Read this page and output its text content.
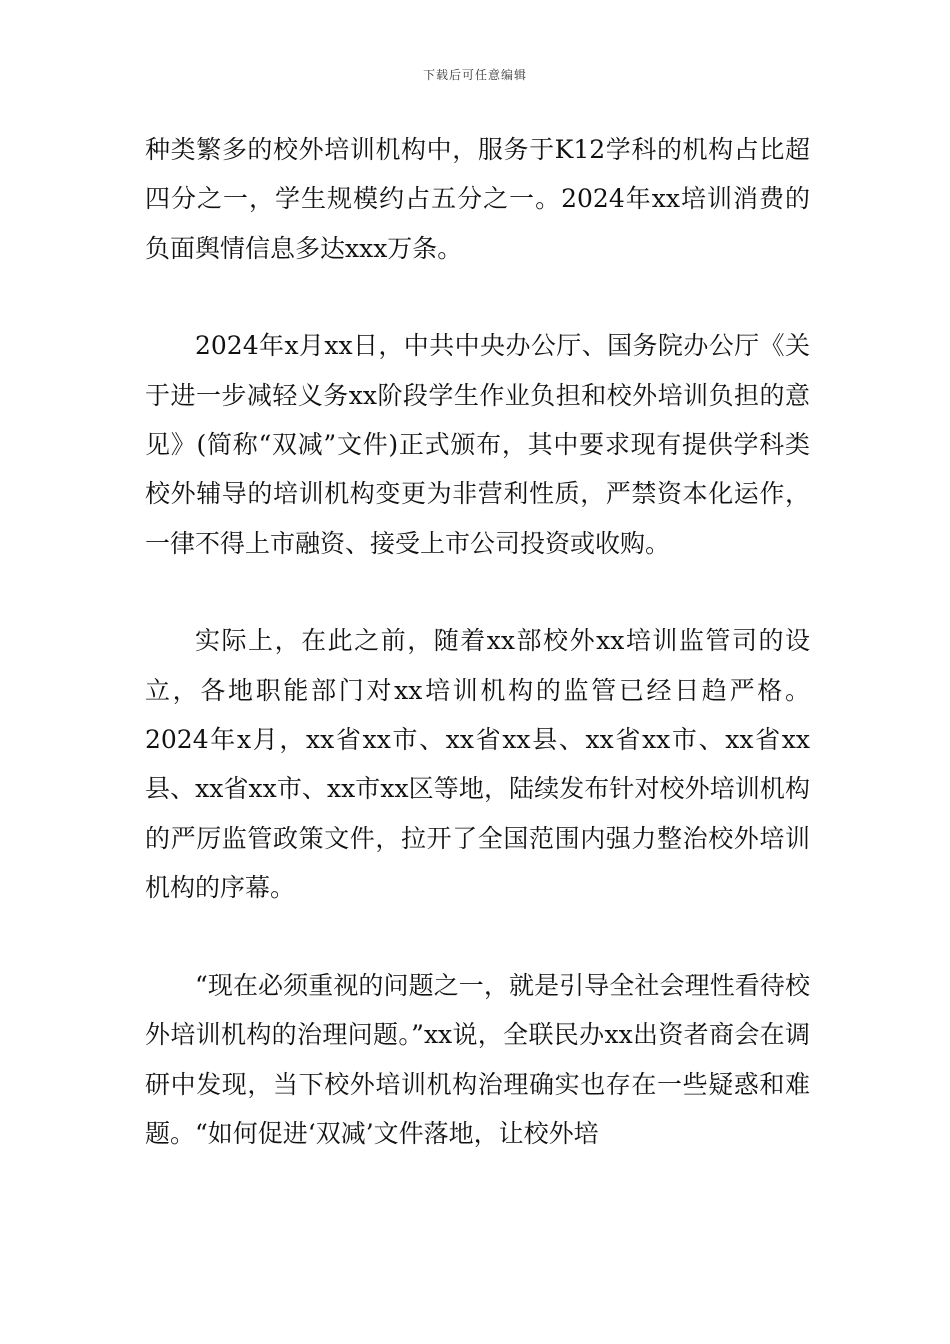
下载后可任意编辑

种类繁多的校外培训机构中，服务于K12学科的机构占比超四分之一，学生规模约占五分之一。2024年xx培训消费的负面舆情信息多达xxx万条。

2024年x月xx日，中共中央办公厅、国务院办公厅《关于进一步减轻义务xx阶段学生作业负担和校外培训负担的意见》(简称“双减”文件)正式颁布，其中要求现有提供学科类校外辅导的培训机构变更为非营利性质，严禁资本化运作，一律不得上市融资、接受上市公司投资或收购。

实际上，在此之前，随着xx部校外xx培训监管司的设立，各地职能部门对xx培训机构的监管已经日趋严格。2024年x月，xx省xx市、xx省xx县、xx省xx市、xx省xx县、xx省xx市、xx市xx区等地，陆续发布针对校外培训机构的严厉监管政策文件，拉开了全国范围内强力整治校外培训机构的序幕。

“现在必须重视的问题之一，就是引导全社会理性看待校外培训机构的治理问题。”xx说，全联民办xx出资者商会在调研中发现，当下校外培训机构治理确实也存在一些疑惑和难题。“如何促进‘双减’文件落地，让校外培
